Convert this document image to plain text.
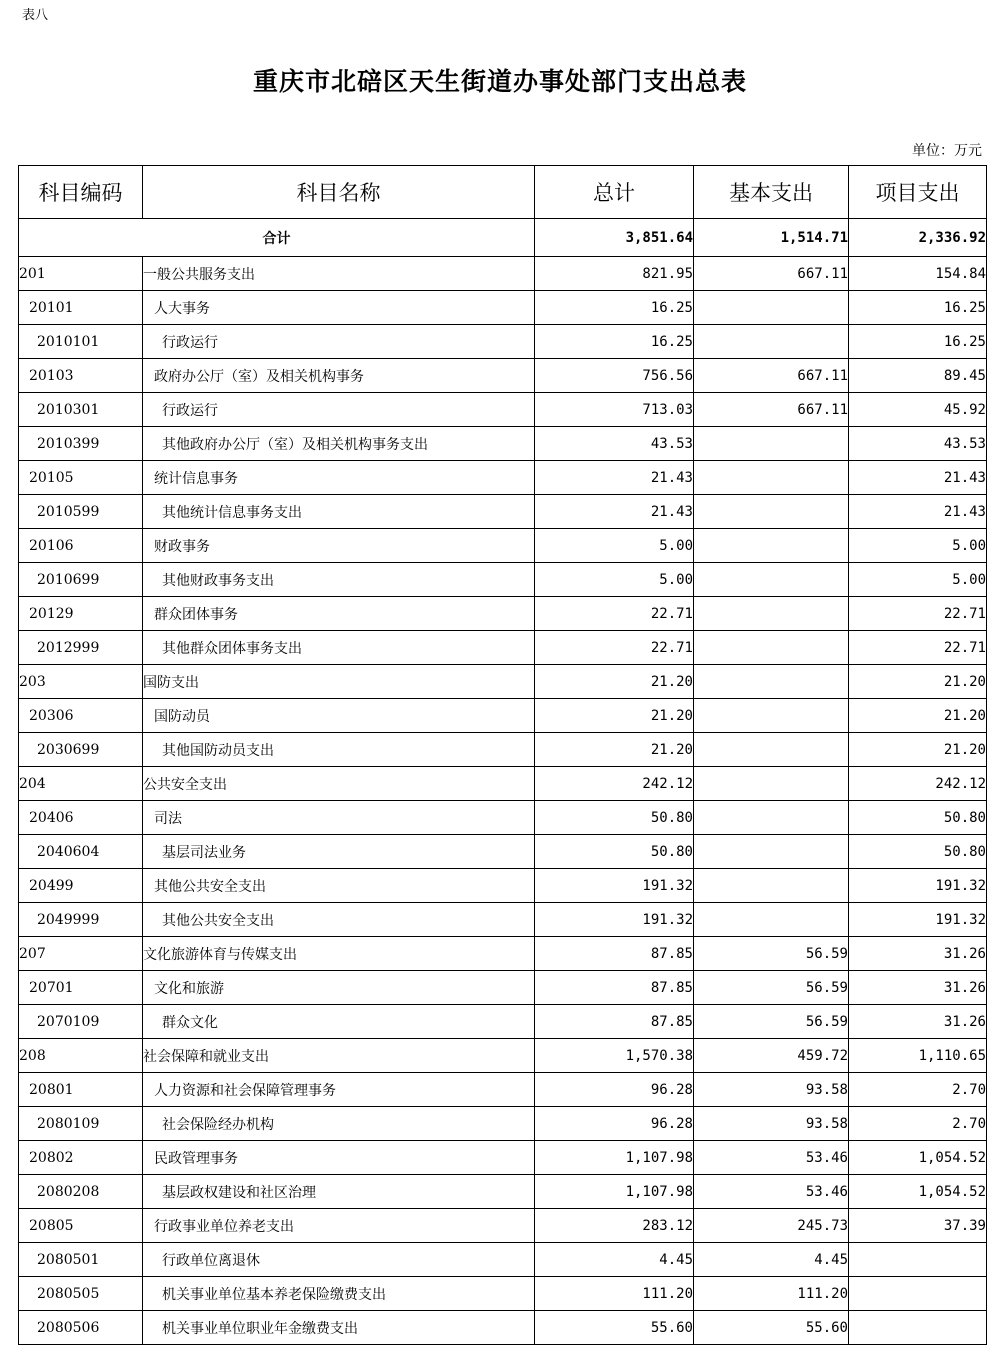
表八
重庆市北碚区天生街道办事处部门支出总表
单位：万元
科目编码	科目名称	总计	基本支出	项目支出
合计		3,851.64	1,514.71	2,336.92
201	一般公共服务支出	821.95	667.11	154.84
20101	人大事务	16.25		16.25
2010101	行政运行	16.25		16.25
20103	政府办公厅（室）及相关机构事务	756.56	667.11	89.45
2010301	行政运行	713.03	667.11	45.92
2010399	其他政府办公厅（室）及相关机构事务支出	43.53		43.53
20105	统计信息事务	21.43		21.43
2010599	其他统计信息事务支出	21.43		21.43
20106	财政事务	5.00		5.00
2010699	其他财政事务支出	5.00		5.00
20129	群众团体事务	22.71		22.71
2012999	其他群众团体事务支出	22.71		22.71
203	国防支出	21.20		21.20
20306	国防动员	21.20		21.20
2030699	其他国防动员支出	21.20		21.20
204	公共安全支出	242.12		242.12
20406	司法	50.80		50.80
2040604	基层司法业务	50.80		50.80
20499	其他公共安全支出	191.32		191.32
2049999	其他公共安全支出	191.32		191.32
207	文化旅游体育与传媒支出	87.85	56.59	31.26
20701	文化和旅游	87.85	56.59	31.26
2070109	群众文化	87.85	56.59	31.26
208	社会保障和就业支出	1,570.38	459.72	1,110.65
20801	人力资源和社会保障管理事务	96.28	93.58	2.70
2080109	社会保险经办机构	96.28	93.58	2.70
20802	民政管理事务	1,107.98	53.46	1,054.52
2080208	基层政权建设和社区治理	1,107.98	53.46	1,054.52
20805	行政事业单位养老支出	283.12	245.73	37.39
2080501	行政单位离退休	4.45	4.45	
2080505	机关事业单位基本养老保险缴费支出	111.20	111.20	
2080506	机关事业单位职业年金缴费支出	55.60	55.60	
